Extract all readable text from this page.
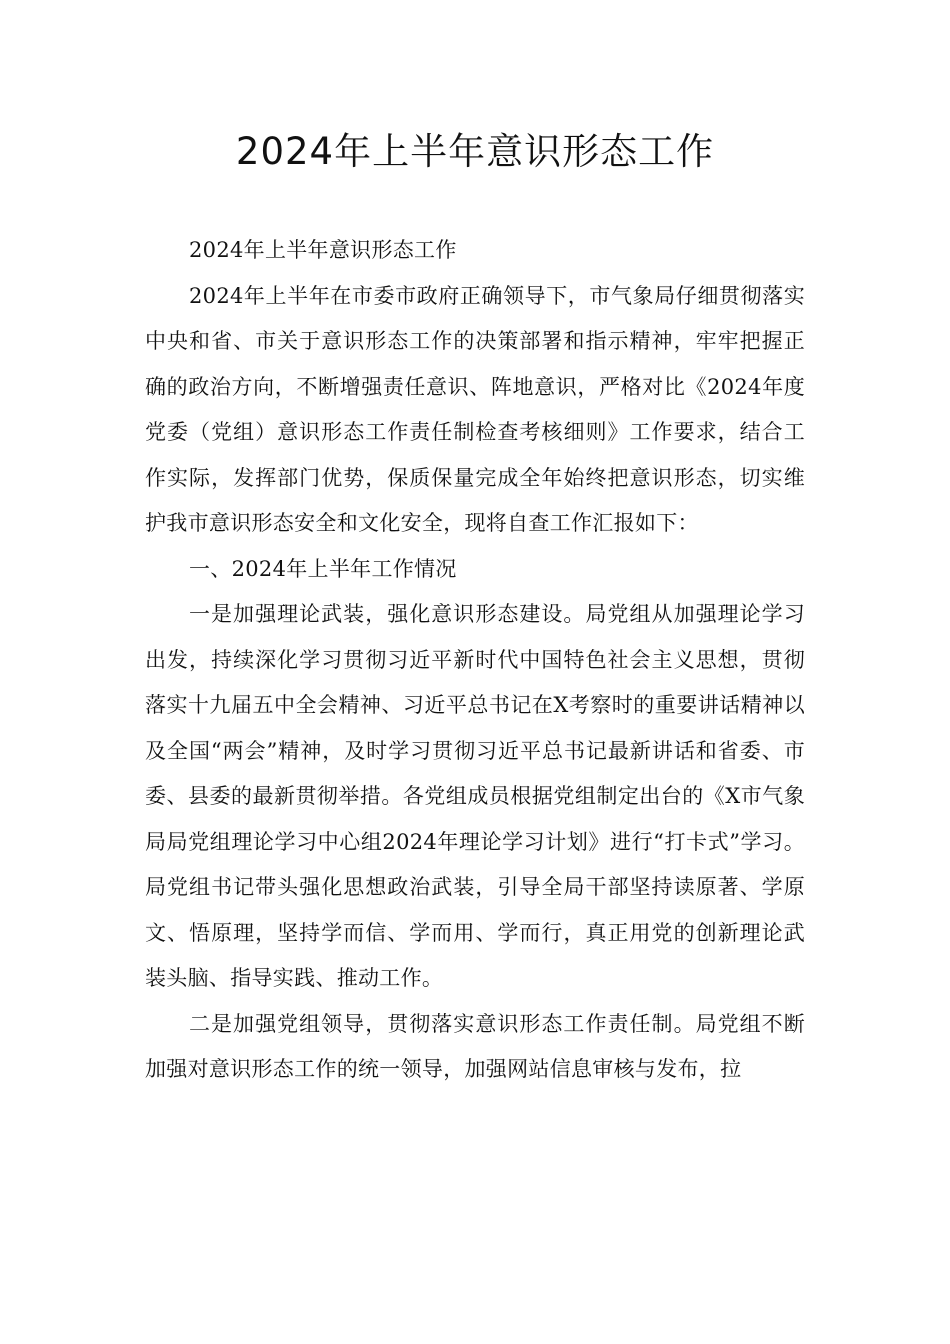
2024年上半年意识形态工作

2024年上半年意识形态工作

2024年上半年在市委市政府正确领导下，市气象局仔细贯彻落实中央和省、市关于意识形态工作的决策部署和指示精神，牢牢把握正确的政治方向，不断增强责任意识、阵地意识，严格对比《2024年度党委（党组）意识形态工作责任制检查考核细则》工作要求，结合工作实际，发挥部门优势，保质保量完成全年始终把意识形态，切实维护我市意识形态安全和文化安全，现将自查工作汇报如下：

一、2024年上半年工作情况

一是加强理论武装，强化意识形态建设。局党组从加强理论学习出发，持续深化学习贯彻习近平新时代中国特色社会主义思想，贯彻落实十九届五中全会精神、习近平总书记在X考察时的重要讲话精神以及全国“两会”精神，及时学习贯彻习近平总书记最新讲话和省委、市委、县委的最新贯彻举措。各党组成员根据党组制定出台的《X市气象局局党组理论学习中心组2024年理论学习计划》进行“打卡式”学习。局党组书记带头强化思想政治武装，引导全局干部坚持读原著、学原文、悟原理，坚持学而信、学而用、学而行，真正用党的创新理论武装头脑、指导实践、推动工作。

二是加强党组领导，贯彻落实意识形态工作责任制。局党组不断加强对意识形态工作的统一领导，加强网站信息审核与发布，拉
